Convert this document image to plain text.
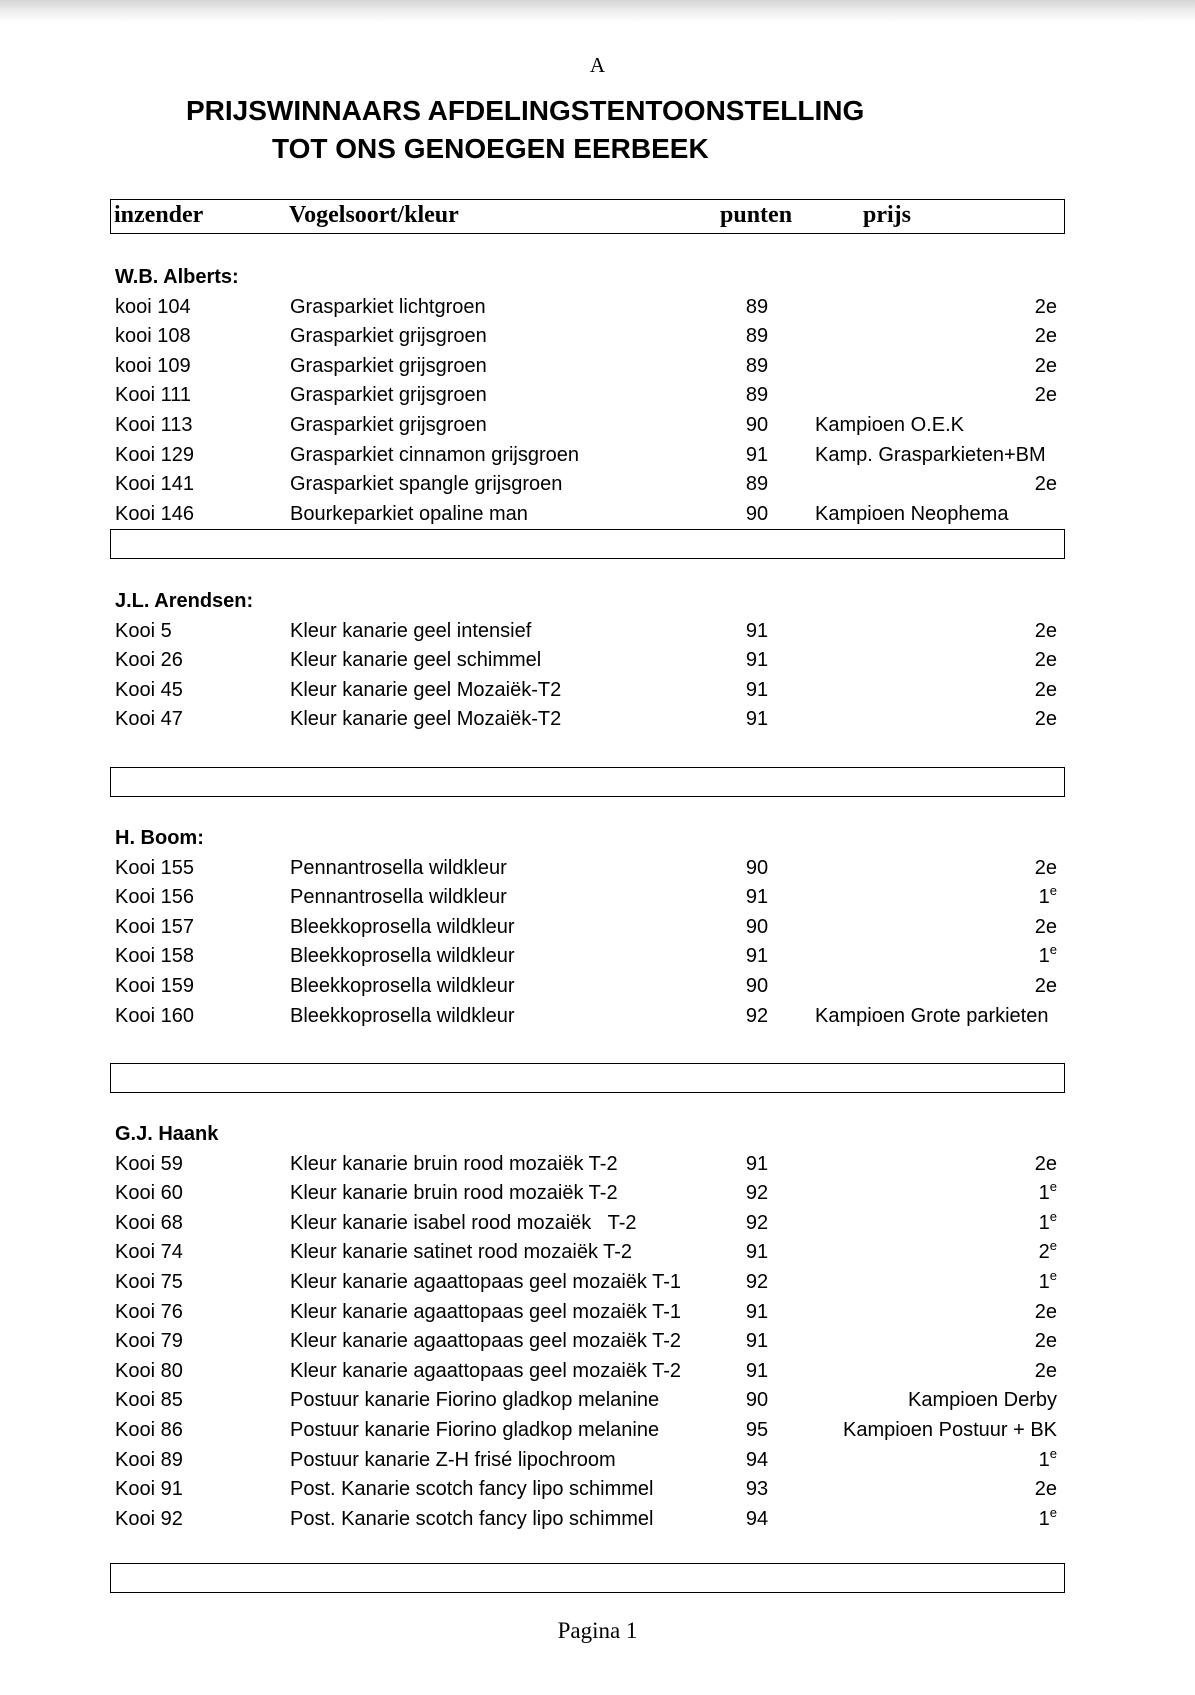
A
PRIJSWINNAARS AFDELINGSTENTOONSTELLING
TOT ONS GENOEGEN EERBEEK
inzender	Vogelsoort/kleur	punten	prijs
W.B. Alberts:
kooi 104	Grasparkiet lichtgroen	89	2e
kooi 108	Grasparkiet grijsgroen	89	2e
kooi 109	Grasparkiet grijsgroen	89	2e
Kooi 111	Grasparkiet grijsgroen	89	2e
Kooi 113	Grasparkiet grijsgroen	90	Kampioen O.E.K
Kooi 129	Grasparkiet cinnamon grijsgroen	91	Kamp. Grasparkieten+BM
Kooi 141	Grasparkiet spangle grijsgroen	89	2e
Kooi 146	Bourkeparkiet opaline man	90	Kampioen Neophema
J.L. Arendsen:
Kooi 5	Kleur kanarie geel intensief	91	2e
Kooi 26	Kleur kanarie geel schimmel	91	2e
Kooi 45	Kleur kanarie geel Mozaiëk-T2	91	2e
Kooi 47	Kleur kanarie geel Mozaiëk-T2	91	2e
H. Boom:
Kooi 155	Pennantrosella wildkleur	90	2e
Kooi 156	Pennantrosella wildkleur	91	1e
Kooi 157	Bleekkoprosella wildkleur	90	2e
Kooi 158	Bleekkoprosella wildkleur	91	1e
Kooi 159	Bleekkoprosella wildkleur	90	2e
Kooi 160	Bleekkoprosella wildkleur	92	Kampioen Grote parkieten
G.J. Haank
Kooi 59	Kleur kanarie bruin rood mozaiëk T-2	91	2e
Kooi 60	Kleur kanarie bruin rood mozaiëk T-2	92	1e
Kooi 68	Kleur kanarie isabel rood mozaiëk   T-2	92	1e
Kooi 74	Kleur kanarie satinet rood mozaiëk T-2	91	2e
Kooi 75	Kleur kanarie agaattopaas geel mozaiëk T-1	92	1e
Kooi 76	Kleur kanarie agaattopaas geel mozaiëk T-1	91	2e
Kooi 79	Kleur kanarie agaattopaas geel mozaiëk T-2	91	2e
Kooi 80	Kleur kanarie agaattopaas geel mozaiëk T-2	91	2e
Kooi 85	Postuur kanarie Fiorino gladkop melanine	90	Kampioen Derby
Kooi 86	Postuur kanarie Fiorino gladkop melanine	95	Kampioen Postuur + BK
Kooi 89	Postuur kanarie Z-H frisé lipochroom	94	1e
Kooi 91	Post. Kanarie scotch fancy lipo schimmel	93	2e
Kooi 92	Post. Kanarie scotch fancy lipo schimmel	94	1e
Pagina 1
